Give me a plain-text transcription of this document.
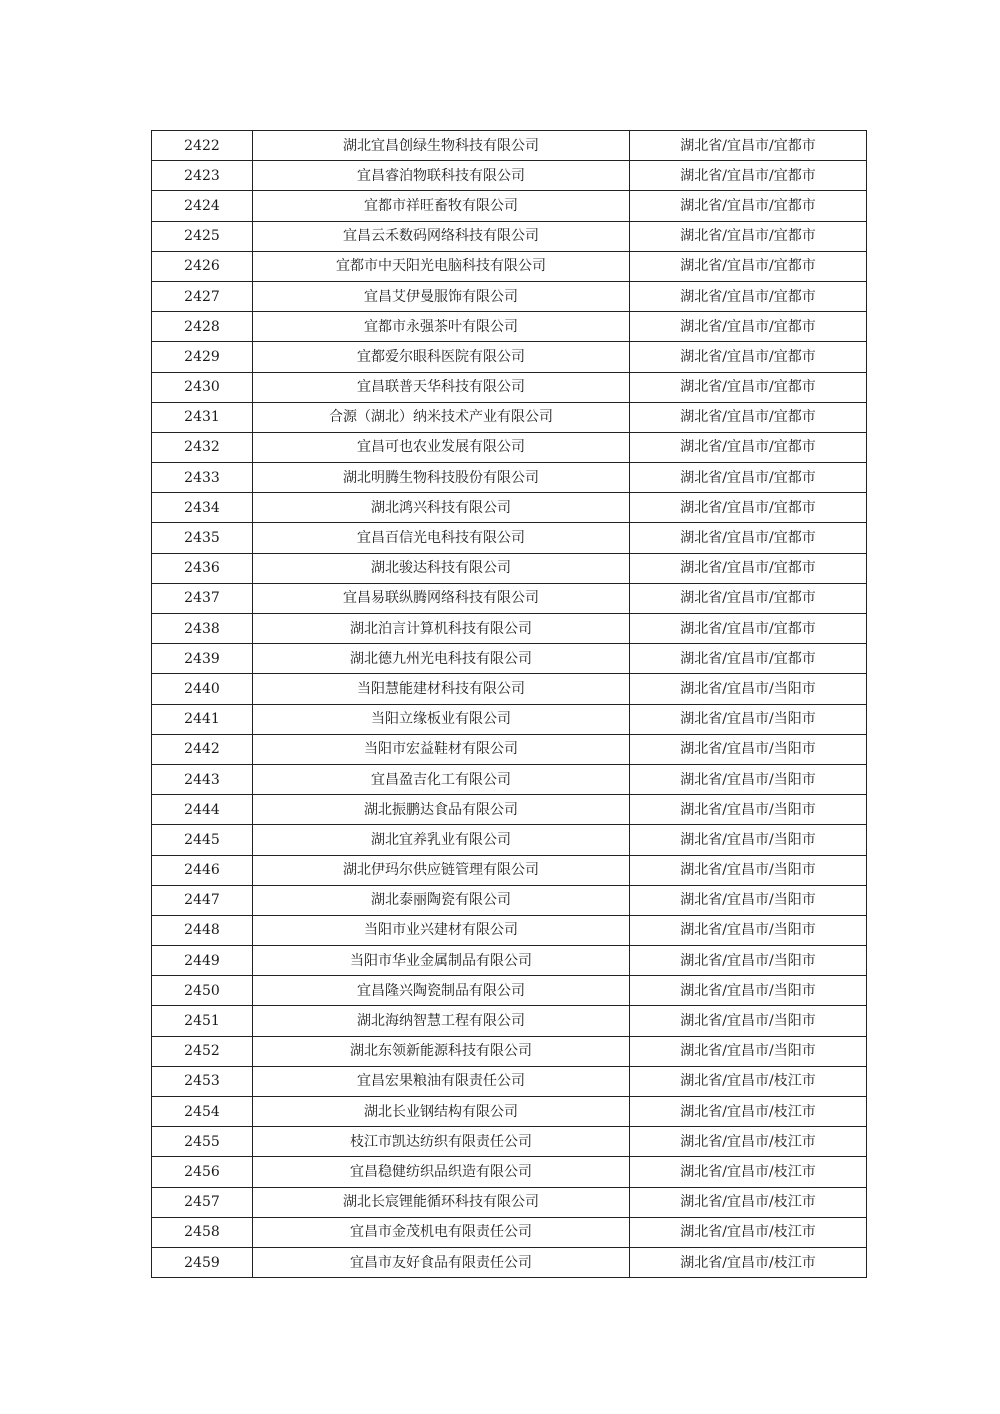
2422	湖北宜昌创绿生物科技有限公司	湖北省/宜昌市/宜都市
2423	宜昌睿泊物联科技有限公司	湖北省/宜昌市/宜都市
2424	宜都市祥旺畜牧有限公司	湖北省/宜昌市/宜都市
2425	宜昌云禾数码网络科技有限公司	湖北省/宜昌市/宜都市
2426	宜都市中天阳光电脑科技有限公司	湖北省/宜昌市/宜都市
2427	宜昌艾伊曼服饰有限公司	湖北省/宜昌市/宜都市
2428	宜都市永强茶叶有限公司	湖北省/宜昌市/宜都市
2429	宜都爱尔眼科医院有限公司	湖北省/宜昌市/宜都市
2430	宜昌联普天华科技有限公司	湖北省/宜昌市/宜都市
2431	合源（湖北）纳米技术产业有限公司	湖北省/宜昌市/宜都市
2432	宜昌可也农业发展有限公司	湖北省/宜昌市/宜都市
2433	湖北明腾生物科技股份有限公司	湖北省/宜昌市/宜都市
2434	湖北鸿兴科技有限公司	湖北省/宜昌市/宜都市
2435	宜昌百信光电科技有限公司	湖北省/宜昌市/宜都市
2436	湖北骏达科技有限公司	湖北省/宜昌市/宜都市
2437	宜昌易联纵腾网络科技有限公司	湖北省/宜昌市/宜都市
2438	湖北泊言计算机科技有限公司	湖北省/宜昌市/宜都市
2439	湖北德九州光电科技有限公司	湖北省/宜昌市/宜都市
2440	当阳慧能建材科技有限公司	湖北省/宜昌市/当阳市
2441	当阳立缘板业有限公司	湖北省/宜昌市/当阳市
2442	当阳市宏益鞋材有限公司	湖北省/宜昌市/当阳市
2443	宜昌盈吉化工有限公司	湖北省/宜昌市/当阳市
2444	湖北振鹏达食品有限公司	湖北省/宜昌市/当阳市
2445	湖北宜养乳业有限公司	湖北省/宜昌市/当阳市
2446	湖北伊玛尔供应链管理有限公司	湖北省/宜昌市/当阳市
2447	湖北泰丽陶瓷有限公司	湖北省/宜昌市/当阳市
2448	当阳市业兴建材有限公司	湖北省/宜昌市/当阳市
2449	当阳市华业金属制品有限公司	湖北省/宜昌市/当阳市
2450	宜昌隆兴陶瓷制品有限公司	湖北省/宜昌市/当阳市
2451	湖北海纳智慧工程有限公司	湖北省/宜昌市/当阳市
2452	湖北东领新能源科技有限公司	湖北省/宜昌市/当阳市
2453	宜昌宏果粮油有限责任公司	湖北省/宜昌市/枝江市
2454	湖北长业钢结构有限公司	湖北省/宜昌市/枝江市
2455	枝江市凯达纺织有限责任公司	湖北省/宜昌市/枝江市
2456	宜昌稳健纺织品织造有限公司	湖北省/宜昌市/枝江市
2457	湖北长宸锂能循环科技有限公司	湖北省/宜昌市/枝江市
2458	宜昌市金茂机电有限责任公司	湖北省/宜昌市/枝江市
2459	宜昌市友好食品有限责任公司	湖北省/宜昌市/枝江市
